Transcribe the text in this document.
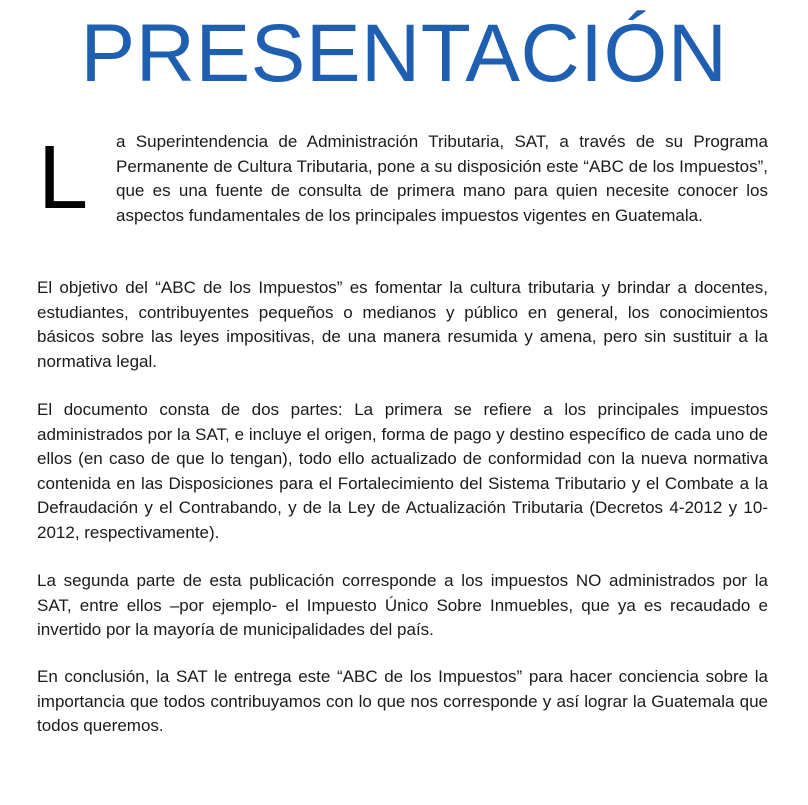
PRESENTACIÓN
L a Superintendencia de Administración Tributaria, SAT, a través de su Programa Permanente de Cultura Tributaria, pone a su disposición este “ABC de los Impuestos”, que es una fuente de consulta de primera mano para quien necesite conocer los aspectos fundamentales de los principales impuestos vigentes en Guatemala.

El objetivo del “ABC de los Impuestos” es fomentar la cultura tributaria y brindar a docentes, estudiantes, contribuyentes pequeños o medianos y público en general, los conocimientos básicos sobre las leyes impositivas, de una manera resumida y amena, pero sin sustituir a la normativa legal.

El documento consta de dos partes: La primera se refiere a los principales impuestos administrados por la SAT, e incluye el origen, forma de pago y destino específico de cada uno de ellos (en caso de que lo tengan), todo ello actualizado de conformidad con la nueva normativa contenida en las Disposiciones para el Fortalecimiento del Sistema Tributario y el Combate a la Defraudación y el Contrabando, y de la Ley de Actualización Tributaria (Decretos 4-2012 y 10-2012, respectivamente).

La segunda parte de esta publicación corresponde a los impuestos NO administrados por la SAT, entre ellos –por ejemplo- el Impuesto Único Sobre Inmuebles, que ya es recaudado e invertido por la mayoría de municipalidades del país.

En conclusión, la SAT le entrega este “ABC de los Impuestos” para hacer conciencia sobre la importancia que todos contribuyamos con lo que nos corresponde y así lograr la Guatemala que todos queremos.
